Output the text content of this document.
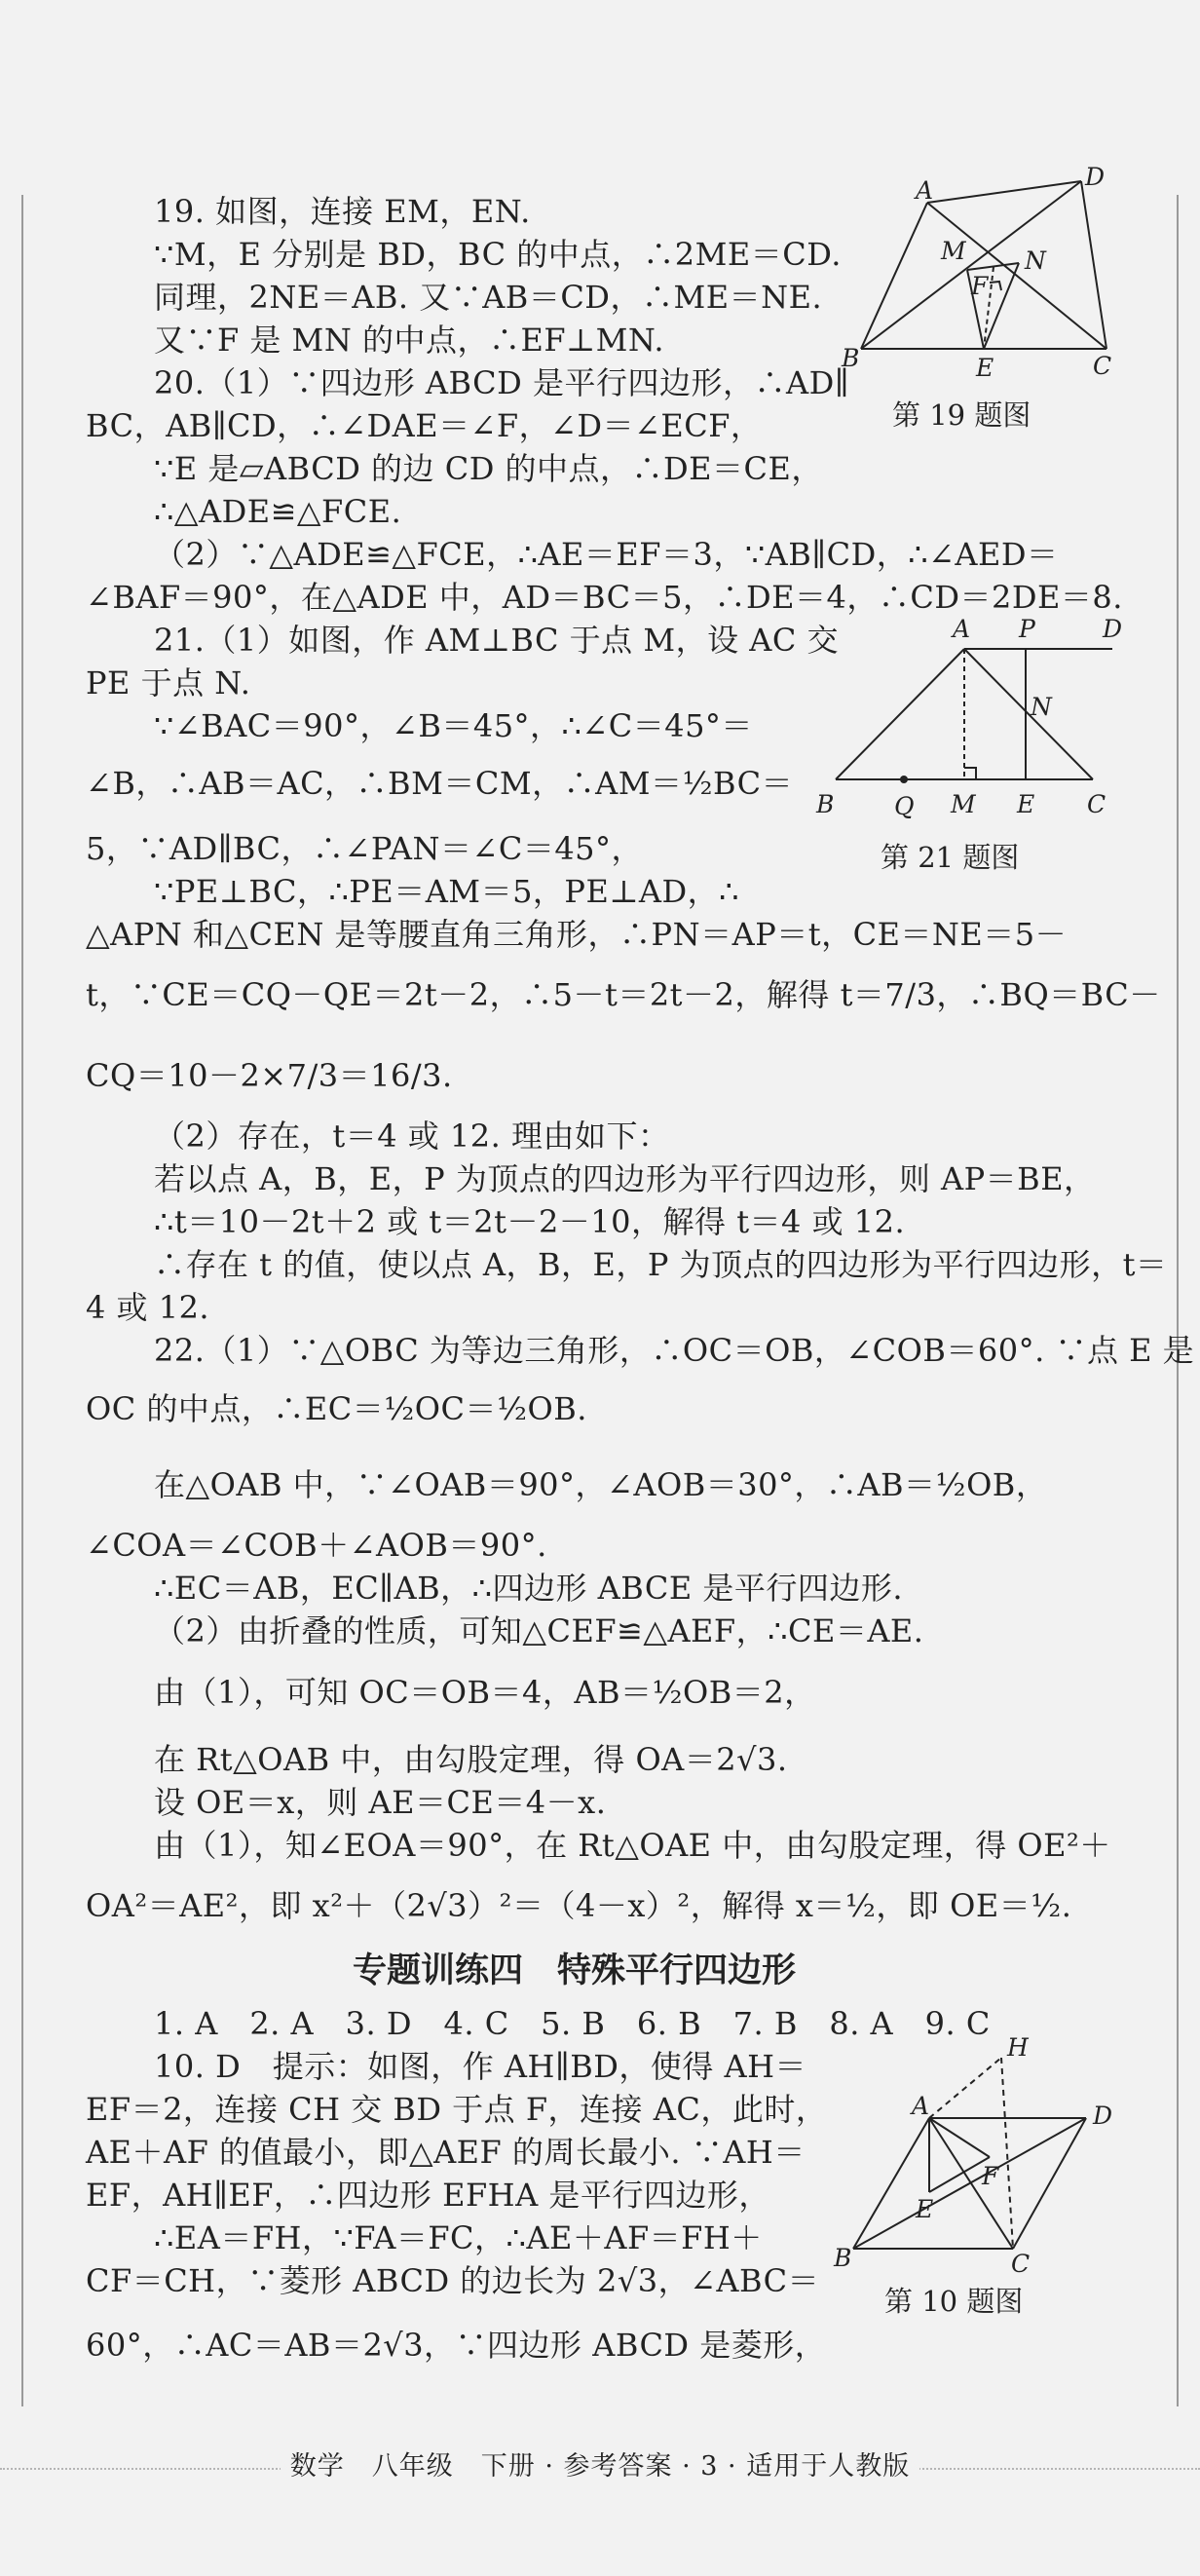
19. 如图，连接 EM，EN.
∵M，E 分别是 BD，BC 的中点，∴2ME＝CD.
同理，2NE＝AB. 又∵AB＝CD，∴ME＝NE.
又∵F 是 MN 的中点，∴EF⊥MN.
20.（1）∵四边形 ABCD 是平行四边形，∴AD∥
BC，AB∥CD，∴∠DAE＝∠F，∠D＝∠ECF，
∵E 是▱ABCD 的边 CD 的中点，∴DE＝CE，
∴△ADE≌△FCE.
（2）∵△ADE≌△FCE，∴AE＝EF＝3，∵AB∥CD，∴∠AED＝
∠BAF＝90°，在△ADE 中，AD＝BC＝5，∴DE＝4，∴CD＝2DE＝8.
21.（1）如图，作 AM⊥BC 于点 M，设 AC 交
PE 于点 N.
∵∠BAC＝90°，∠B＝45°，∴∠C＝45°＝
∠B，∴AB＝AC，∴BM＝CM，∴AM＝½BC＝
5，∵AD∥BC，∴∠PAN＝∠C＝45°，
∵PE⊥BC，∴PE＝AM＝5，PE⊥AD，∴
△APN 和△CEN 是等腰直角三角形，∴PN＝AP＝t，CE＝NE＝5－
t，∵CE＝CQ－QE＝2t－2，∴5－t＝2t－2，解得 t＝7/3，∴BQ＝BC－
CQ＝10－2×7/3＝16/3.
（2）存在，t＝4 或 12. 理由如下：
若以点 A，B，E，P 为顶点的四边形为平行四边形，则 AP＝BE，
∴t＝10－2t＋2 或 t＝2t－2－10，解得 t＝4 或 12.
∴存在 t 的值，使以点 A，B，E，P 为顶点的四边形为平行四边形，t＝
4 或 12.
22.（1）∵△OBC 为等边三角形，∴OC＝OB，∠COB＝60°. ∵点 E 是
OC 的中点，∴EC＝½OC＝½OB.
在△OAB 中，∵∠OAB＝90°，∠AOB＝30°，∴AB＝½OB，
∠COA＝∠COB＋∠AOB＝90°.
∴EC＝AB，EC∥AB，∴四边形 ABCE 是平行四边形.
（2）由折叠的性质，可知△CEF≌△AEF，∴CE＝AE.
由（1），可知 OC＝OB＝4，AB＝½OB＝2，
在 Rt△OAB 中，由勾股定理，得 OA＝2√3.
设 OE＝x，则 AE＝CE＝4－x.
由（1），知∠EOA＝90°，在 Rt△OAE 中，由勾股定理，得 OE²＋
OA²＝AE²，即 x²＋（2√3）²＝（4－x）²，解得 x＝½，即 OE＝½.
1. A　2. A　3. D　4. C　5. B　6. B　7. B　8. A　9. C
10. D　提示：如图，作 AH∥BD，使得 AH＝
EF＝2，连接 CH 交 BD 于点 F，连接 AC，此时，
AE＋AF 的值最小，即△AEF 的周长最小. ∵AH＝
EF，AH∥EF，∴四边形 EFHA 是平行四边形，
∴EA＝FH，∵FA＝FC，∴AE＋AF＝FH＋
CF＝CH，∵菱形 ABCD 的边长为 2√3，∠ABC＝
60°，∴AC＝AB＝2√3，∵四边形 ABCD 是菱形，
专题训练四　特殊平行四边形
A	D
M N
F
B	E	C
第 19 题图
A P	D
N
B Q M E C
第 21 题图
H
A	D
F
E
B	C
第 10 题图
数学　八年级　下册 · 参考答案 · 3 · 适用于人教版
